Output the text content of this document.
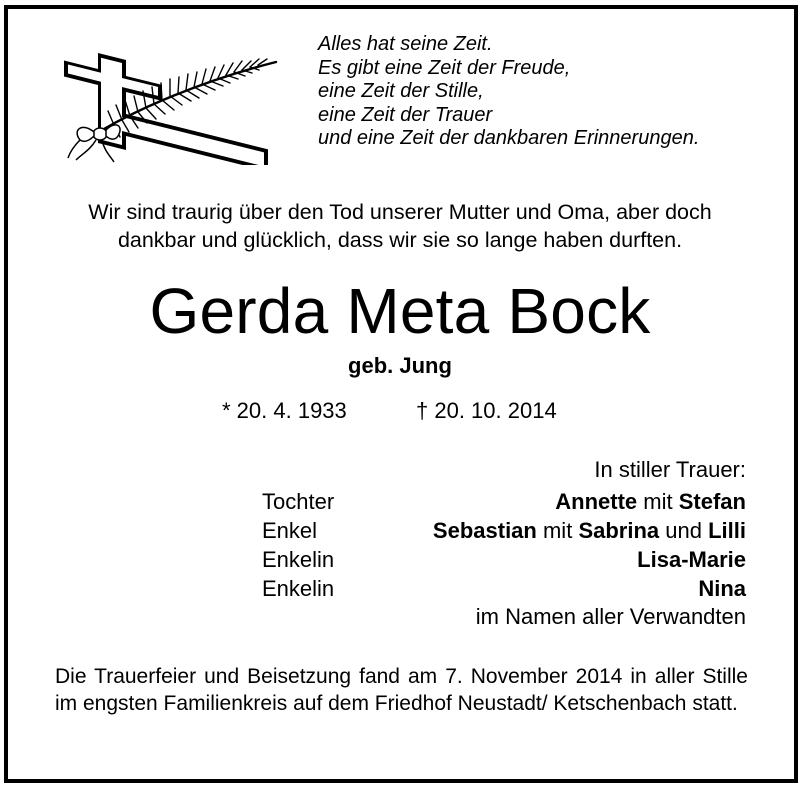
Alles hat seine Zeit.
Es gibt eine Zeit der Freude,
eine Zeit der Stille,
eine Zeit der Trauer
und eine Zeit der dankbaren Erinnerungen.
Wir sind traurig über den Tod unserer Mutter und Oma, aber doch
dankbar und glücklich, dass wir sie so lange haben durften.
Gerda Meta Bock
geb. Jung
* 20. 4. 1933	† 20. 10. 2014
In stiller Trauer:
Tochter	Annette mit Stefan
Enkel	Sebastian mit Sabrina und Lilli
Enkelin	Lisa-Marie
Enkelin	Nina
im Namen aller Verwandten
Die Trauerfeier und Beisetzung fand am 7. November 2014 in aller Stille im engsten Familienkreis auf dem Friedhof Neustadt/ Ketschenbach statt.
